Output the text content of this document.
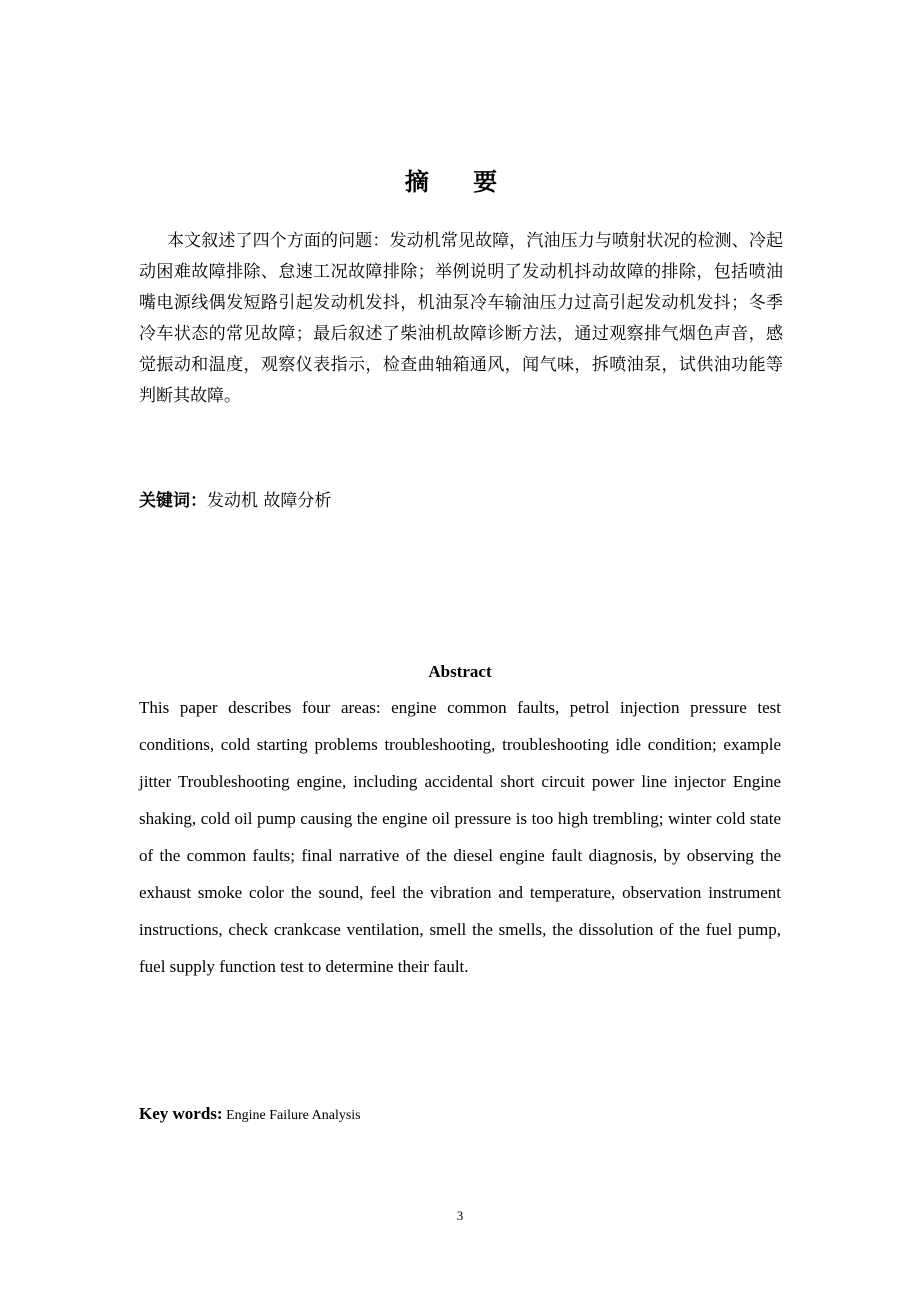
摘 要

本文叙述了四个方面的问题：发动机常见故障，汽油压力与喷射状况的检测、冷起动困难故障排除、怠速工况故障排除；举例说明了发动机抖动故障的排除，包括喷油嘴电源线偶发短路引起发动机发抖，机油泵冷车输油压力过高引起发动机发抖；冬季冷车状态的常见故障；最后叙述了柴油机故障诊断方法，通过观察排气烟色声音，感觉振动和温度，观察仪表指示，检查曲轴箱通风，闻气味，拆喷油泵，试供油功能等判断其故障。

关键词：发动机 故障分析
Abstract

This paper describes four areas: engine common faults, petrol injection pressure test conditions, cold starting problems troubleshooting, troubleshooting idle condition; example jitter Troubleshooting engine, including accidental short circuit power line injector Engine shaking, cold oil pump causing the engine oil pressure is too high trembling; winter cold state of the common faults; final narrative of the diesel engine fault diagnosis, by observing the exhaust smoke color the sound, feel the vibration and temperature, observation instrument instructions, check crankcase ventilation, smell the smells, the dissolution of the fuel pump, fuel supply function test to determine their fault.

Key words: Engine Failure Analysis
3
